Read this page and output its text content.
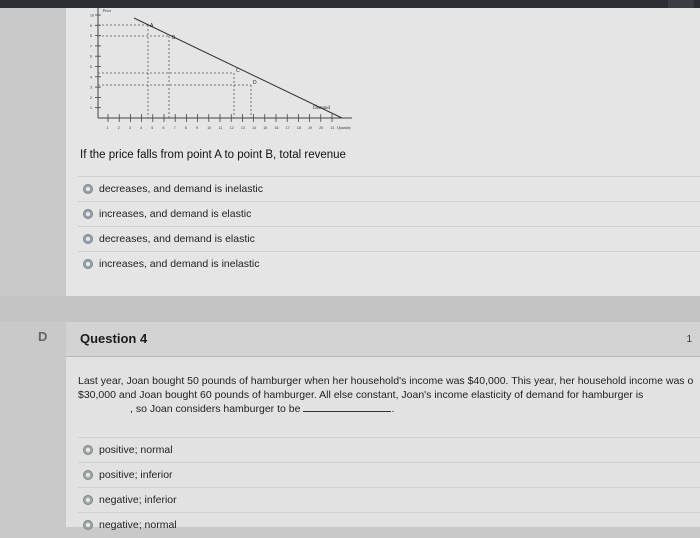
10
9
8
7
6
5
4
3
2
1
1	2	3	4	5	6	7	8	9	10 11 12 13 14 15 16 17 18 19 20 21
A
B
C
D
Demand
Price
Quantity
If the price falls from point A to point B, total revenue
decreases, and demand is inelastic
increases, and demand is elastic
decreases, and demand is elastic
increases, and demand is inelastic
D	Question 4	1
Last year, Joan bought 50 pounds of hamburger when her household's income was $40,000. This year, her household income was o
$30,000 and Joan bought 60 pounds of hamburger. All else constant, Joan's income elasticity of demand for hamburger is
, so Joan considers hamburger to be	.
positive; normal
positive; inferior
negative; inferior
negative; normal
